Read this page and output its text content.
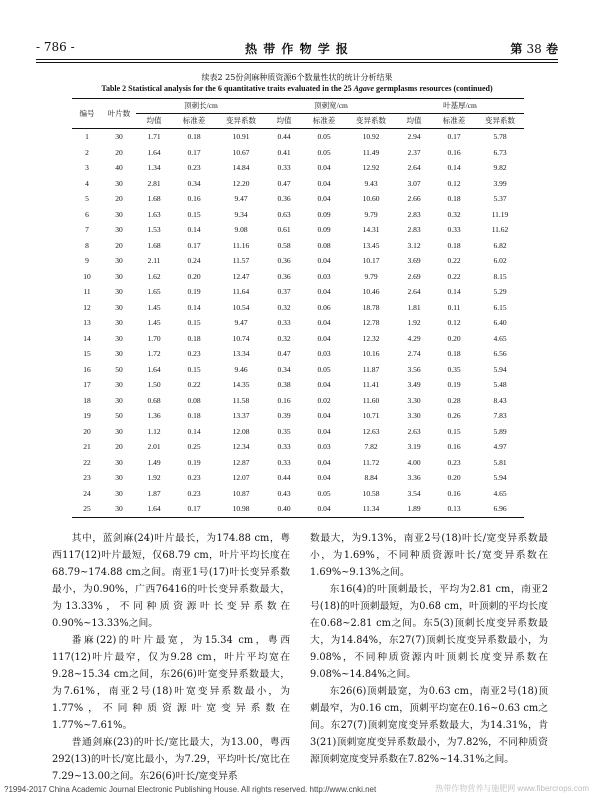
- 786 -	热 带 作 物 学 报	第 38 卷
续表2 25份剑麻种质资源6个数量性状的统计分析结果
Table 2 Statistical analysis for the 6 quantitative traits evaluated in the 25 Agave germplasms resources (continued)
编号	叶片数	顶刺长/cm			顶刺宽/cm			叶基厚/cm		
		均值	标准差	变异系数	均值	标准差	变异系数	均值	标准差	变异系数
1	30	1.71	0.18	10.91	0.44	0.05	10.92	2.94	0.17	5.78
2	20	1.64	0.17	10.67	0.41	0.05	11.49	2.37	0.16	6.73
3	40	1.34	0.23	14.84	0.33	0.04	12.92	2.64	0.14	9.82
4	30	2.81	0.34	12.20	0.47	0.04	9.43	3.07	0.12	3.99
5	20	1.68	0.16	9.47	0.36	0.04	10.60	2.66	0.18	5.37
6	30	1.63	0.15	9.34	0.63	0.09	9.79	2.83	0.32	11.19
7	30	1.53	0.14	9.08	0.61	0.09	14.31	2.83	0.33	11.62
8	20	1.68	0.17	11.16	0.58	0.08	13.45	3.12	0.18	6.82
9	30	2.11	0.24	11.57	0.36	0.04	10.17	3.69	0.22	6.02
10	30	1.62	0.20	12.47	0.36	0.03	9.79	2.69	0.22	8.15
11	30	1.65	0.19	11.64	0.37	0.04	10.46	2.64	0.14	5.29
12	30	1.45	0.14	10.54	0.32	0.06	18.78	1.81	0.11	6.15
13	30	1.45	0.15	9.47	0.33	0.04	12.78	1.92	0.12	6.40
14	30	1.70	0.18	10.74	0.32	0.04	12.32	4.29	0.20	4.65
15	30	1.72	0.23	13.34	0.47	0.03	10.16	2.74	0.18	6.56
16	50	1.64	0.15	9.46	0.34	0.05	11.87	3.56	0.35	5.94
17	30	1.50	0.22	14.35	0.38	0.04	11.41	3.49	0.19	5.48
18	30	0.68	0.08	11.58	0.16	0.02	11.60	3.30	0.28	8.43
19	50	1.36	0.18	13.37	0.39	0.04	10.71	3.30	0.26	7.83
20	30	1.12	0.14	12.08	0.35	0.04	12.63	2.63	0.15	5.89
21	20	2.01	0.25	12.34	0.33	0.03	7.82	3.19	0.16	4.97
22	30	1.49	0.19	12.87	0.33	0.04	11.72	4.00	0.23	5.81
23	30	1.92	0.23	12.07	0.44	0.04	8.84	3.36	0.20	5.94
24	30	1.87	0.23	10.87	0.43	0.05	10.58	3.54	0.16	4.65
25	30	1.64	0.17	10.98	0.40	0.04	11.34	1.89	0.13	6.96

其中，蓝剑麻(24)叶片最长，为174.88 cm，粤西117(12)叶片最短，仅68.79 cm，叶片平均长度在68.79~174.88 cm之间。南亚1号(17)叶长变异系数最小，为0.90%，广西76416的叶长变异系数最大，为13.33%，不同种质资源叶长变异系数在0.90%~13.33%之间。

番麻(22)的叶片最宽，为15.34 cm，粤西117(12)叶片最窄，仅为9.28 cm，叶片平均宽在9.28~15.34 cm之间，东26(6)叶宽变异系数最大，为7.61%，南亚2号(18)叶宽变异系数最小，为1.77%，不同种质资源叶宽变异系数在1.77%~7.61%。

普通剑麻(23)的叶长/宽比最大，为13.00，粤西292(13)的叶长/宽比最小，为7.29，平均叶长/宽比在7.29~13.00之间。东26(6)叶长/宽变异系

数最大，为9.13%，南亚2号(18)叶长/宽变异系数最小，为1.69%，不同种质资源叶长/宽变异系数在1.69%~9.13%之间。

东16(4)的叶顶刺最长，平均为2.81 cm，南亚2号(18)的叶顶刺最短，为0.68 cm，叶顶刺的平均长度在0.68~2.81 cm之间。东5(3)顶刺长度变异系数最大，为14.84%，东27(7)顶刺长度变异系数最小，为9.08%，不同种质资源内叶顶刺长度变异系数在9.08%~14.84%之间。

东26(6)顶刺最宽，为0.63 cm，南亚2号(18)顶刺最窄，为0.16 cm，顶刺平均宽在0.16~0.63 cm之间。东27(7)顶刺宽度变异系数最大，为14.31%，肯3(21)顶刺宽度变异系数最小，为7.82%，不同种质资源顶刺宽度变异系数在7.82%~14.31%之间。

?1994-2017 China Academic Journal Electronic Publishing House. All rights reserved. http://www.cnki.net	热带作物营养与施肥网 www.fibercrops.com
